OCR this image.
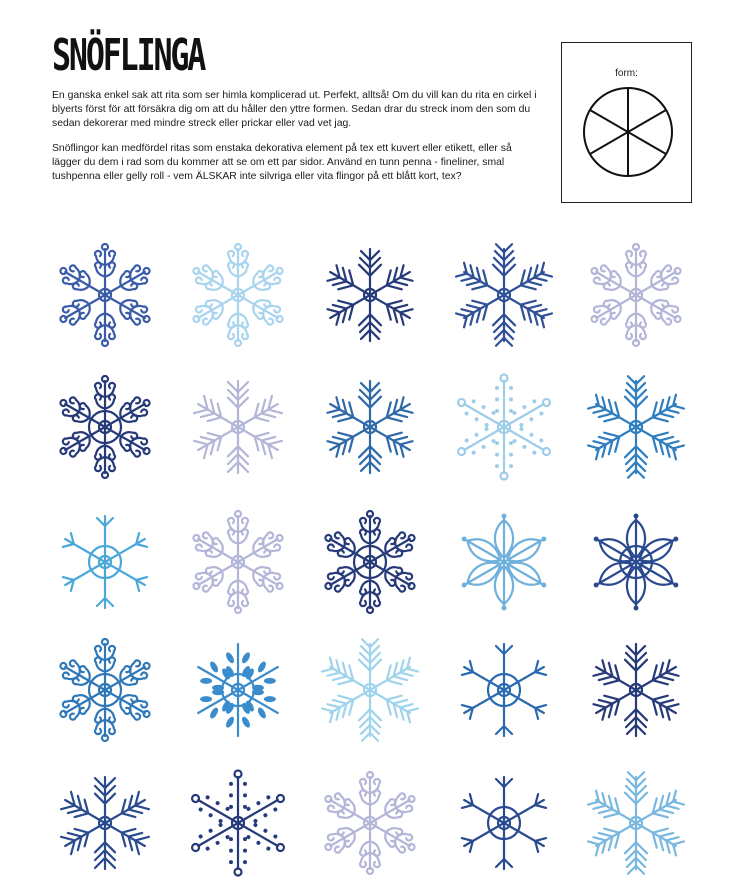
SNÖFLINGA

En ganska enkel sak att rita som ser himla komplicerad ut. Perfekt, alltså! Om du vill kan du rita en cirkel i blyerts först för att försäkra dig om att du håller den yttre formen. Sedan drar du streck inom den som du sedan dekorerar med mindre streck eller prickar eller vad vet jag.

Snöflingor kan medfördel ritas som enstaka dekorativa element på tex ett kuvert eller etikett, eller så lägger du dem i rad som du kommer att se om ett par sidor. Använd en tunn penna - fineliner, smal tushpenna eller gelly roll - vem ÄLSKAR inte silvriga eller vita flingor på ett blått kort, tex?

form:
